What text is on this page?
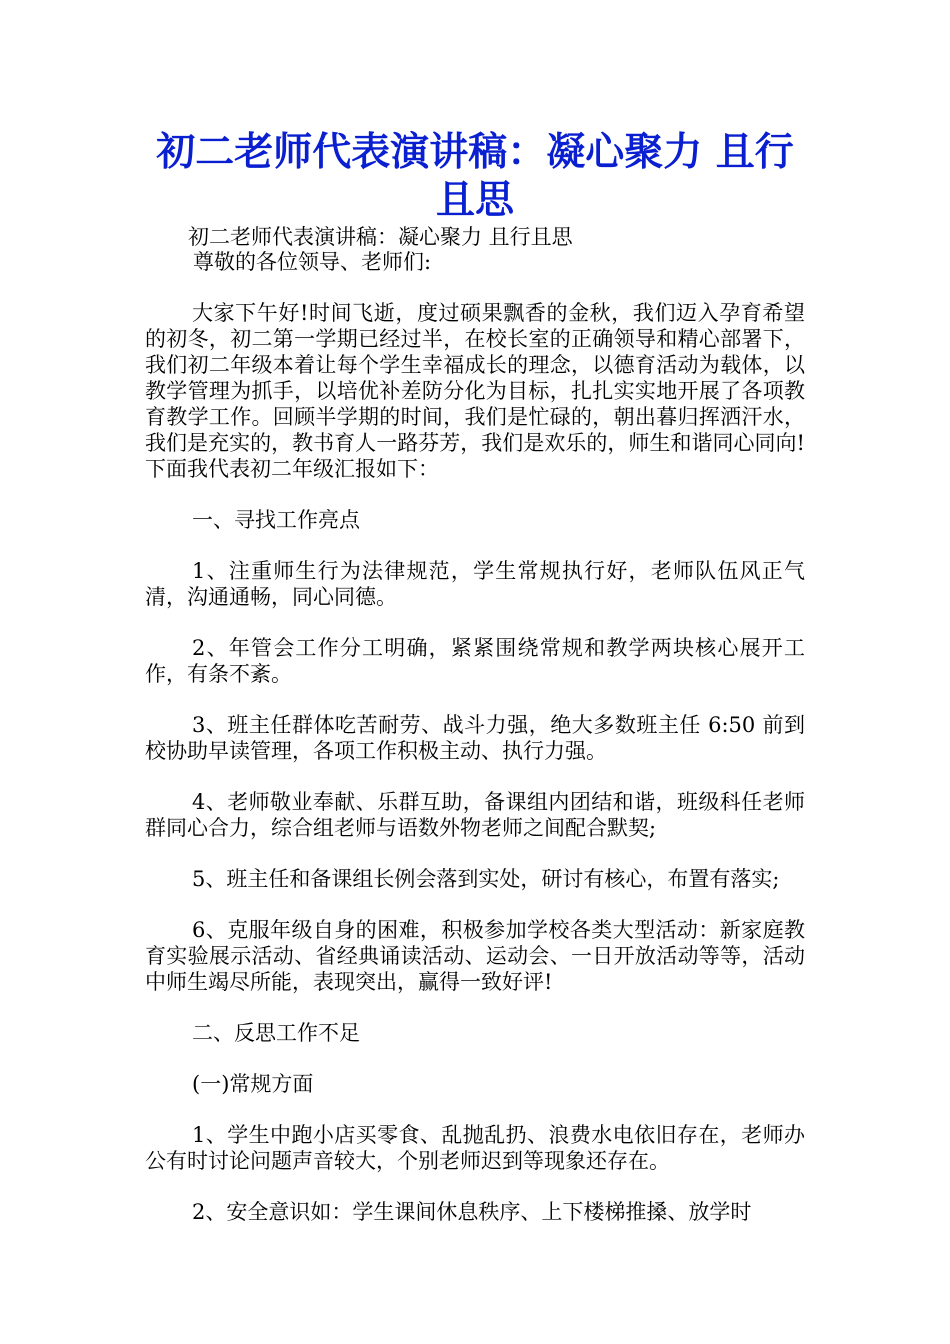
初二老师代表演讲稿：凝心聚力 且行且思
初二老师代表演讲稿：凝心聚力 且行且思
尊敬的各位领导、老师们:

大家下午好!时间飞逝，度过硕果飘香的金秋，我们迈入孕育希望的初冬，初二第一学期已经过半，在校长室的正确领导和精心部署下，我们初二年级本着让每个学生幸福成长的理念，以德育活动为载体，以教学管理为抓手，以培优补差防分化为目标，扎扎实实地开展了各项教育教学工作。回顾半学期的时间，我们是忙碌的，朝出暮归挥洒汗水，我们是充实的，教书育人一路芬芳，我们是欢乐的，师生和谐同心同向!下面我代表初二年级汇报如下：

一、寻找工作亮点

1、注重师生行为法律规范，学生常规执行好，老师队伍风正气清，沟通通畅，同心同德。

2、年管会工作分工明确，紧紧围绕常规和教学两块核心展开工作，有条不紊。

3、班主任群体吃苦耐劳、战斗力强，绝大多数班主任 6:50 前到校协助早读管理，各项工作积极主动、执行力强。

4、老师敬业奉献、乐群互助，备课组内团结和谐，班级科任老师群同心合力，综合组老师与语数外物老师之间配合默契;

5、班主任和备课组长例会落到实处，研讨有核心，布置有落实;

6、克服年级自身的困难，积极参加学校各类大型活动：新家庭教育实验展示活动、省经典诵读活动、运动会、一日开放活动等等，活动中师生竭尽所能，表现突出，赢得一致好评!

二、反思工作不足

(一)常规方面

1、学生中跑小店买零食、乱抛乱扔、浪费水电依旧存在，老师办公有时讨论问题声音较大，个别老师迟到等现象还存在。

2、安全意识如：学生课间休息秩序、上下楼梯推搡、放学时
